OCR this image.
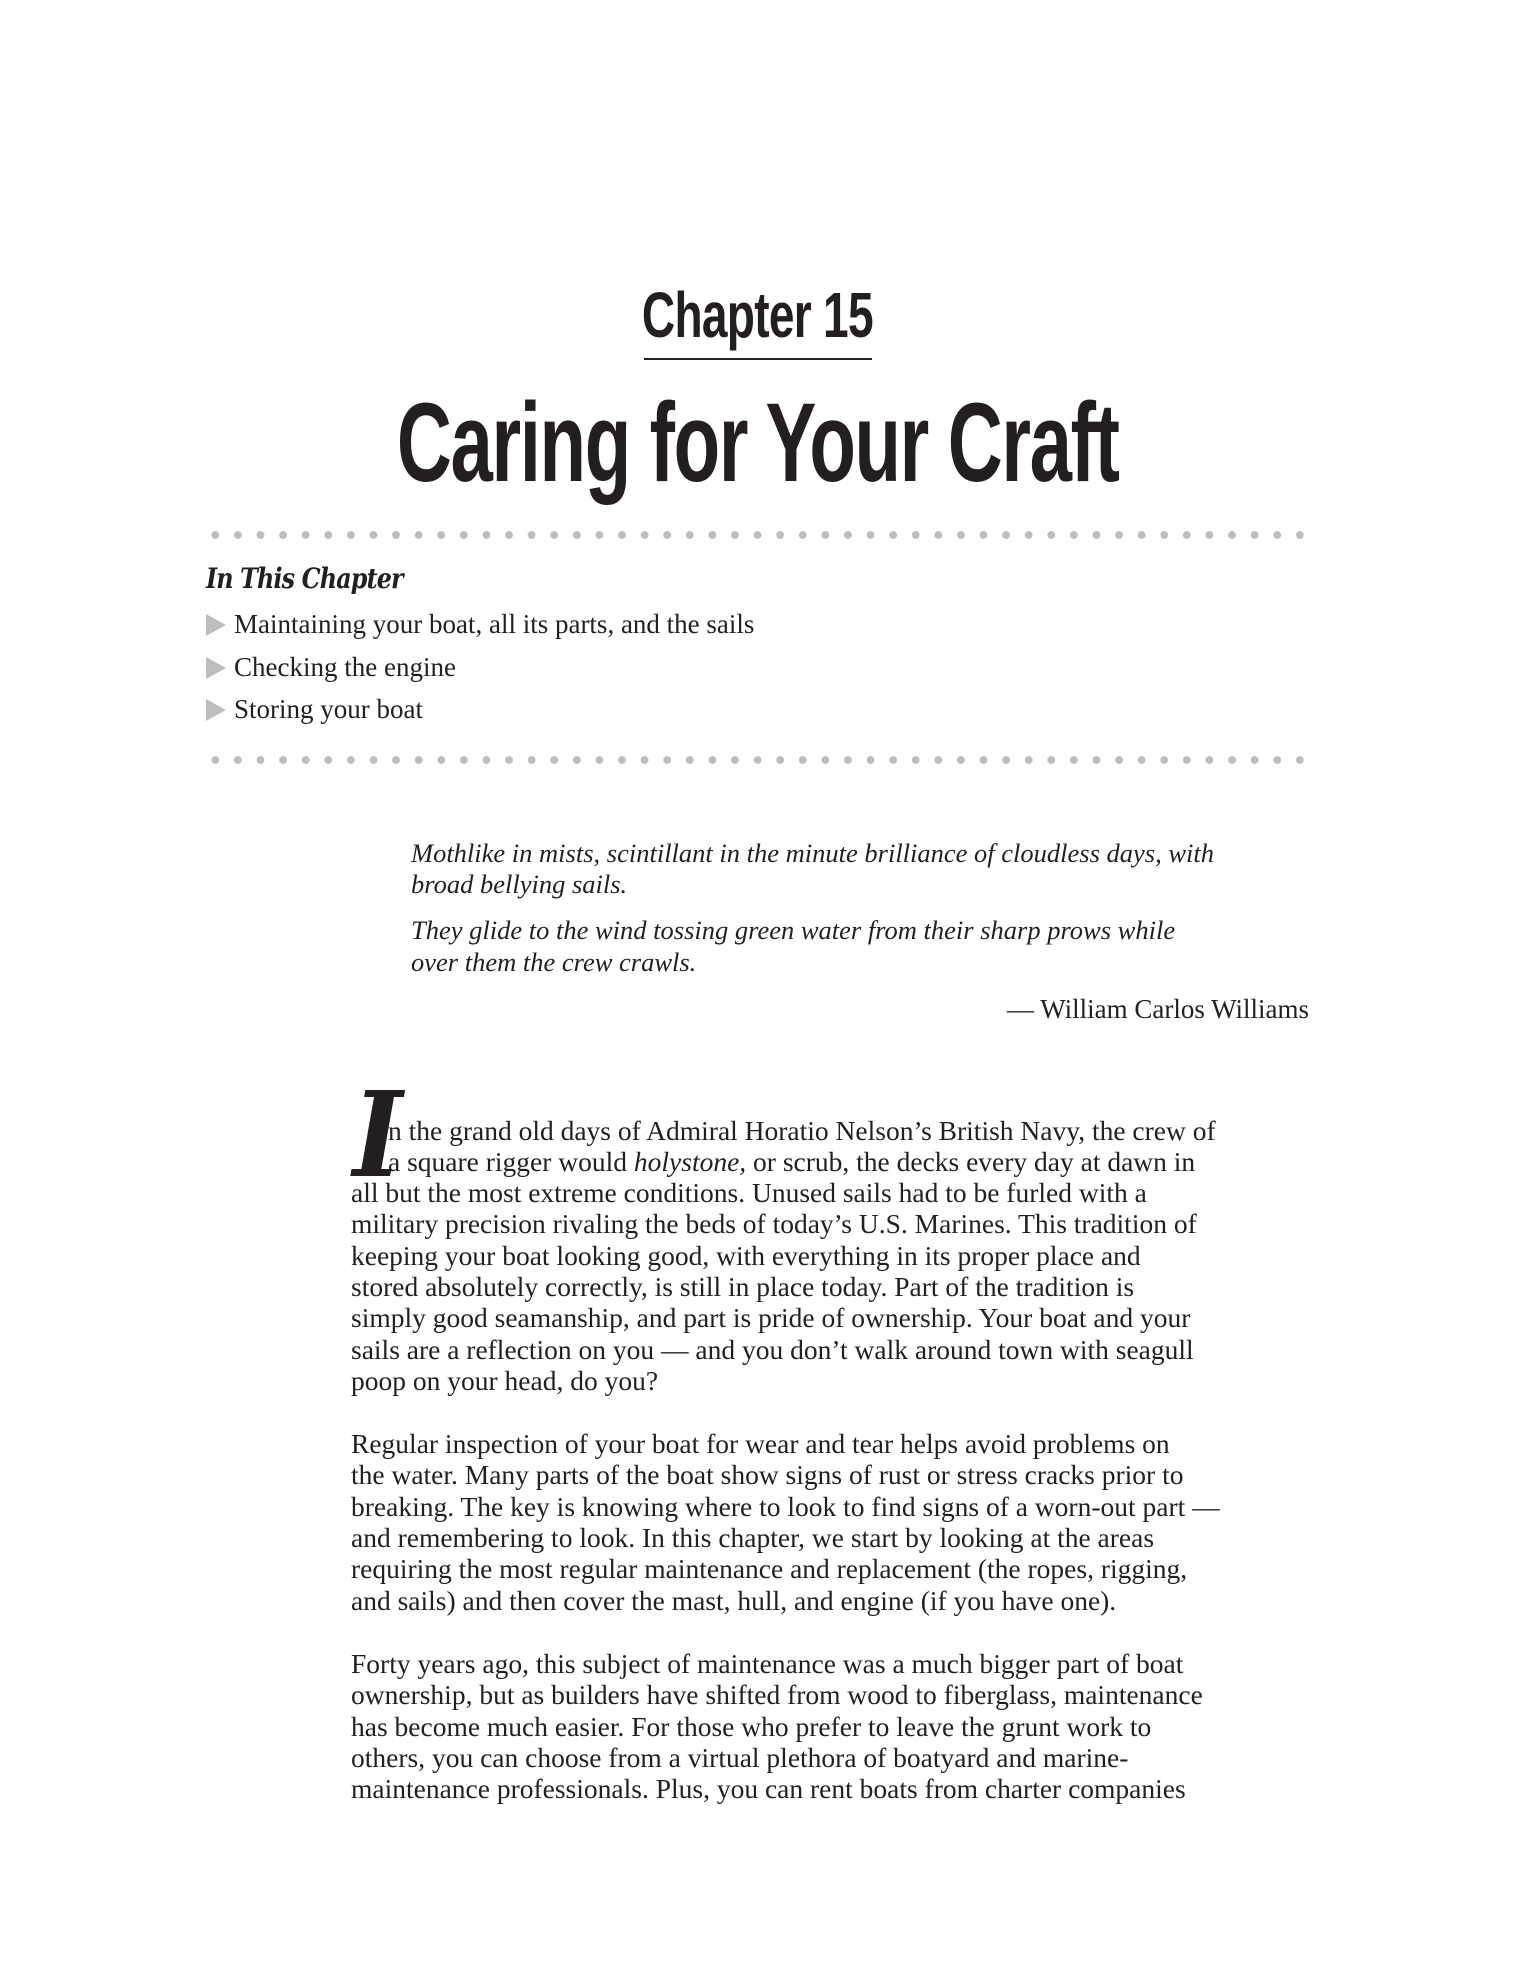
Chapter 15
Caring for Your Craft
In This Chapter
Maintaining your boat, all its parts, and the sails
Checking the engine
Storing your boat
Mothlike in mists, scintillant in the minute brilliance of cloudless days, with
broad bellying sails.
They glide to the wind tossing green water from their sharp prows while
over them the crew crawls.
— William Carlos Williams
I
n the grand old days of Admiral Horatio Nelson’s British Navy, the crew of
a square rigger would holystone, or scrub, the decks every day at dawn in
all but the most extreme conditions. Unused sails had to be furled with a
military precision rivaling the beds of today’s U.S. Marines. This tradition of
keeping your boat looking good, with everything in its proper place and
stored absolutely correctly, is still in place today. Part of the tradition is
simply good seamanship, and part is pride of ownership. Your boat and your
sails are a reflection on you — and you don’t walk around town with seagull
poop on your head, do you?
Regular inspection of your boat for wear and tear helps avoid problems on
the water. Many parts of the boat show signs of rust or stress cracks prior to
breaking. The key is knowing where to look to find signs of a worn-out part —
and remembering to look. In this chapter, we start by looking at the areas
requiring the most regular maintenance and replacement (the ropes, rigging,
and sails) and then cover the mast, hull, and engine (if you have one).
Forty years ago, this subject of maintenance was a much bigger part of boat
ownership, but as builders have shifted from wood to fiberglass, maintenance
has become much easier. For those who prefer to leave the grunt work to
others, you can choose from a virtual plethora of boatyard and marine-
maintenance professionals. Plus, you can rent boats from charter companies
